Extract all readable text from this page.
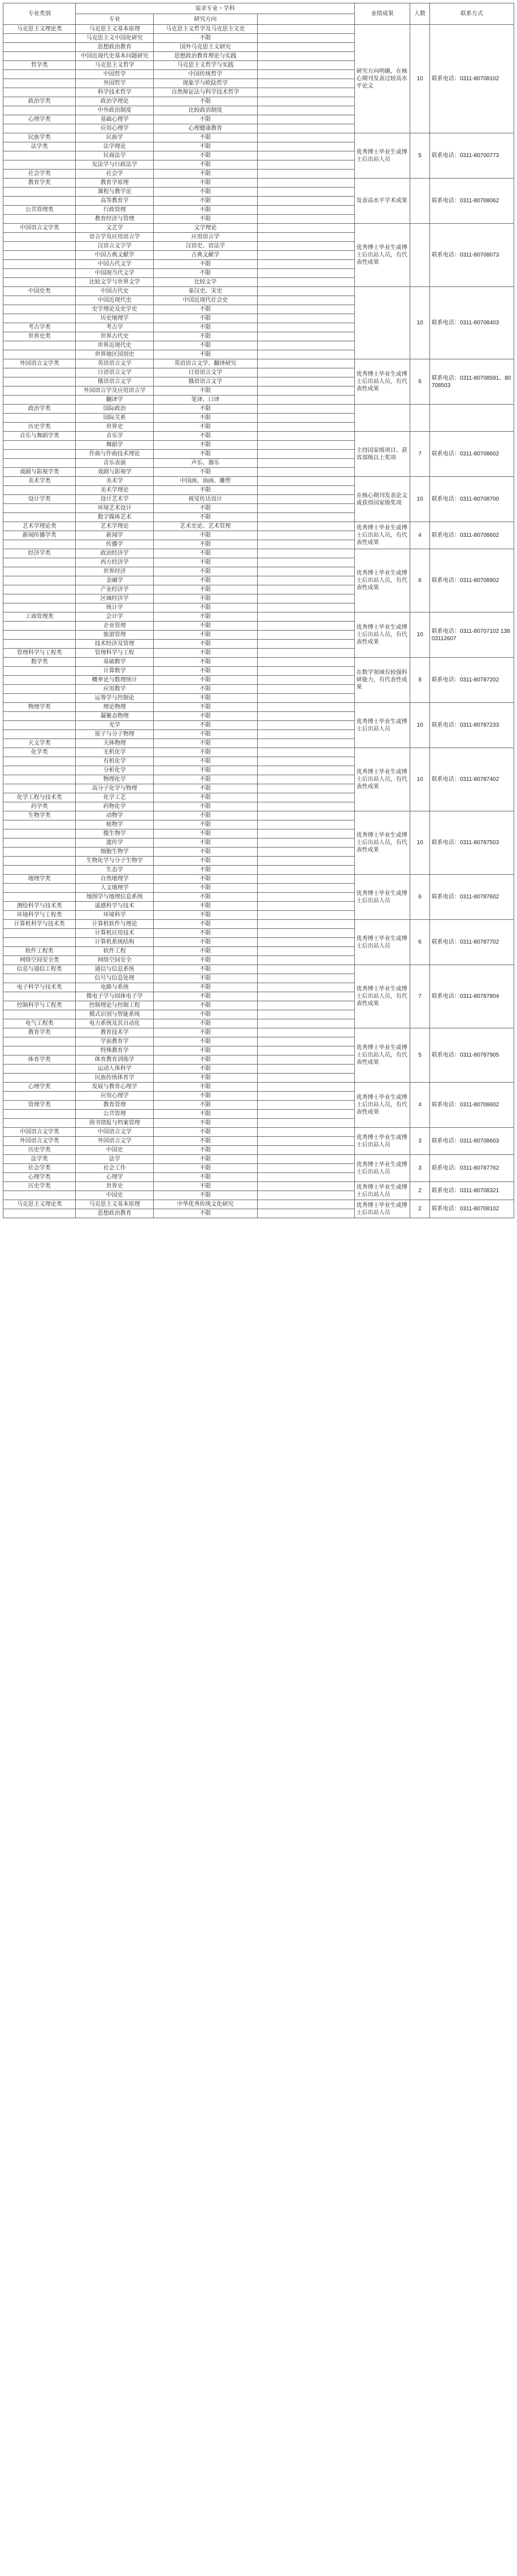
专业类别	需求专业・学科			业绩成果	人数	联系方式
	专业	研究方向				
马克思主义理论类	马克思主义基本原理	马克思主义哲学及马克思主义史		研究方向明确，在核心期刊发表过较高水平论文	10	联系电话：0311-80708102
	马克思主义中国化研究	不限				
	思想政治教育	国外马克思主义研究				
	中国近现代史基本问题研究	思想政治教育理论与实践				
哲学类	马克思主义哲学	马克思主义哲学与实践				
	中国哲学	中国传统哲学				
	外国哲学	现象学与欧陆哲学				
	科学技术哲学	自然辩证法与科学技术哲学				
政治学类	政治学理论	不限				
	中外政治制度	比较政治制度				
心理学类	基础心理学	不限				
	应用心理学	心理健康教育				
民族学类	民族学	不限		优秀博士毕业生或博士后出站人员	5	联系电话：0311-80700773
法学类	法学理论	不限				
	民商法学	不限				
	宪法学与行政法学	不限				
社会学类	社会学	不限				
教育学类	教育学原理	不限		发表高水平学术成果		联系电话：0311-80708062
	课程与教学论	不限				
	高等教育学	不限				
公共管理类	行政管理	不限				
	教育经济与管理	不限				
中国语言文学类	文艺学	文学理论		优秀博士毕业生或博士后出站人员，有代表性成果		联系电话：0311-80708073
	语言学及应用语言学	应用语言学				
	汉语言文字学	汉语史、语法学				
	中国古典文献学	古典文献学				
	中国古代文学	不限				
	中国现当代文学	不限				
	比较文学与世界文学	比较文学				
中国史类	中国古代史	秦汉史、宋史			10	联系电话：0311-80708403
	中国近现代史	中国近现代社会史				
	史学理论及史学史	不限				
	历史地理学	不限				
考古学类	考古学	不限				
世界史类	世界古代史	不限				
	世界近现代史	不限				
	世界地区国别史	不限				
外国语言文学类	英语语言文学	英语语言文学、翻译研究		优秀博士毕业生或博士后出站人员，有代表性成果	6	联系电话：0311-80708591、80708503
	日语语言文学	日语语言文学				
	俄语语言文学	俄语语言文学				
	外国语言学及应用语言学	不限				
	翻译学	笔译、口译				
政治学类	国际政治	不限				
	国际关系	不限				
历史学类	世界史	不限				
音乐与舞蹈学类	音乐学	不限		主持国家级项目、获省部级以上奖项	7	联系电话：0311-80708602
	舞蹈学	不限				
	作曲与作曲技术理论	不限				
	音乐表演	声乐、器乐				
戏剧与影视学类	戏剧与影视学	不限				
美术学类	美术学	中国画、油画、雕塑		在核心期刊发表论文或获得国家级奖项	10	联系电话：0311-80708700
	美术学理论	不限				
设计学类	设计艺术学	视觉传达设计				
	环境艺术设计	不限				
	数字媒体艺术	不限				
艺术学理论类	艺术学理论	艺术史论、艺术管理		优秀博士毕业生或博士后出站人员，有代表性成果	4	联系电话：0311-80708602
新闻传播学类	新闻学	不限				
	传播学	不限				
经济学类	政治经济学	不限		优秀博士毕业生或博士后出站人员，有代表性成果	6	联系电话：0311-80708902
	西方经济学	不限				
	世界经济	不限				
	金融学	不限				
	产业经济学	不限				
	区域经济学	不限				
	统计学	不限				
工商管理类	会计学	不限		优秀博士毕业生或博士后出站人员，有代表性成果	10	联系电话：0311-80707102 13803112607
	企业管理	不限				
	旅游管理	不限				
	技术经济及管理	不限				
管理科学与工程类	管理科学与工程	不限				
数学类	基础数学	不限		在数学领域有较强科研能力，有代表性成果	8	联系电话：0311-80787202
	计算数学	不限				
	概率论与数理统计	不限				
	应用数学	不限				
	运筹学与控制论	不限				
物理学类	理论物理	不限		优秀博士毕业生或博士后出站人员	10	联系电话：0311-80787233
	凝聚态物理	不限				
	光学	不限				
	原子与分子物理	不限				
天文学类	天体物理	不限				
化学类	无机化学	不限		优秀博士毕业生或博士后出站人员，有代表性成果	10	联系电话：0311-80787402
	有机化学	不限				
	分析化学	不限				
	物理化学	不限				
	高分子化学与物理	不限				
化学工程与技术类	化学工艺	不限				
药学类	药物化学	不限				
生物学类	动物学	不限		优秀博士毕业生或博士后出站人员，有代表性成果	10	联系电话：0311-80787503
	植物学	不限				
	微生物学	不限				
	遗传学	不限				
	细胞生物学	不限				
	生物化学与分子生物学	不限				
	生态学	不限				
地理学类	自然地理学	不限		优秀博士毕业生或博士后出站人员	6	联系电话：0311-80787602
	人文地理学	不限				
	地图学与地理信息系统	不限				
测绘科学与技术类	遥感科学与技术	不限				
环境科学与工程类	环境科学	不限				
计算机科学与技术类	计算机软件与理论	不限		优秀博士毕业生或博士后出站人员	6	联系电话：0311-80787702
	计算机应用技术	不限				
	计算机系统结构	不限				
软件工程类	软件工程	不限				
网络空间安全类	网络空间安全	不限				
信息与通信工程类	通信与信息系统	不限		优秀博士毕业生或博士后出站人员，有代表性成果	7	联系电话：0311-80787804
	信号与信息处理	不限				
电子科学与技术类	电路与系统	不限				
	微电子学与固体电子学	不限				
控制科学与工程类	控制理论与控制工程	不限				
	模式识别与智能系统	不限				
电气工程类	电力系统及其自动化	不限				
教育学类	教育技术学	不限		优秀博士毕业生或博士后出站人员，有代表性成果	5	联系电话：0311-80787905
	学前教育学	不限				
	特殊教育学	不限				
体育学类	体育教育训练学	不限				
	运动人体科学	不限				
	民族传统体育学	不限				
心理学类	发展与教育心理学	不限		优秀博士毕业生或博士后出站人员，有代表性成果	4	联系电话：0311-80708602
	应用心理学	不限				
管理学类	教育管理	不限				
	公共管理	不限				
	图书情报与档案管理	不限				
中国语言文学类	中国语言文学	不限		优秀博士毕业生或博士后出站人员	3	联系电话：0311-80708603
外国语言文学类	外国语言文学	不限				
历史学类	中国史	不限				
法学类	法学	不限		优秀博士毕业生或博士后出站人员	3	联系电话：0311-80787762
社会学类	社会工作	不限				
心理学类	心理学	不限				
历史学类	世界史	不限		优秀博士毕业生或博士后出站人员	2	联系电话：0311-80708321
	中国史	不限				
马克思主义理论类	马克思主义基本原理	中华优秀传统文化研究		优秀博士毕业生或博士后出站人员	2	联系电话：0311-80708102
	思想政治教育	不限				
